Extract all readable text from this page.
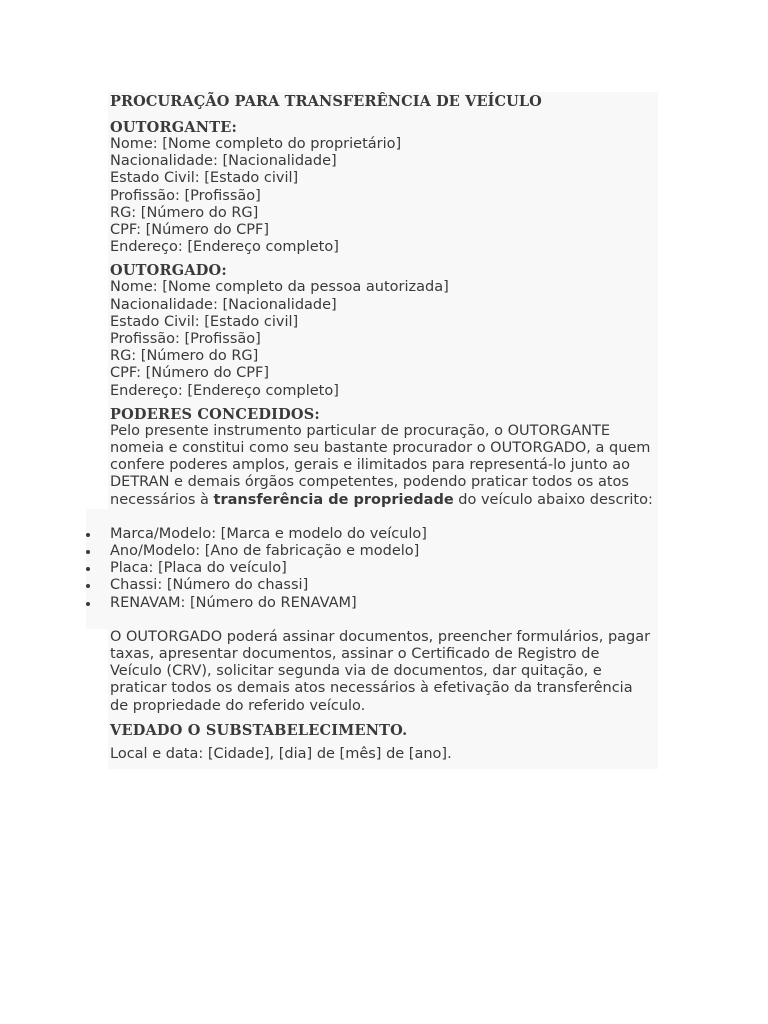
PROCURAÇÃO PARA TRANSFERÊNCIA DE VEÍCULO
OUTORGANTE:
Nome: [Nome completo do proprietário]
Nacionalidade: [Nacionalidade]
Estado Civil: [Estado civil]
Profissão: [Profissão]
RG: [Número do RG]
CPF: [Número do CPF]
Endereço: [Endereço completo]
OUTORGADO:
Nome: [Nome completo da pessoa autorizada]
Nacionalidade: [Nacionalidade]
Estado Civil: [Estado civil]
Profissão: [Profissão]
RG: [Número do RG]
CPF: [Número do CPF]
Endereço: [Endereço completo]
PODERES CONCEDIDOS:
Pelo presente instrumento particular de procuração, o OUTORGANTE nomeia e constitui como seu bastante procurador o OUTORGADO, a quem confere poderes amplos, gerais e ilimitados para representá-lo junto ao DETRAN e demais órgãos competentes, podendo praticar todos os atos necessários à transferência de propriedade do veículo abaixo descrito:
Marca/Modelo: [Marca e modelo do veículo]
Ano/Modelo: [Ano de fabricação e modelo]
Placa: [Placa do veículo]
Chassi: [Número do chassi]
RENAVAM: [Número do RENAVAM]
O OUTORGADO poderá assinar documentos, preencher formulários, pagar taxas, apresentar documentos, assinar o Certificado de Registro de Veículo (CRV), solicitar segunda via de documentos, dar quitação, e praticar todos os demais atos necessários à efetivação da transferência de propriedade do referido veículo.
VEDADO O SUBSTABELECIMENTO.
Local e data: [Cidade], [dia] de [mês] de [ano].
